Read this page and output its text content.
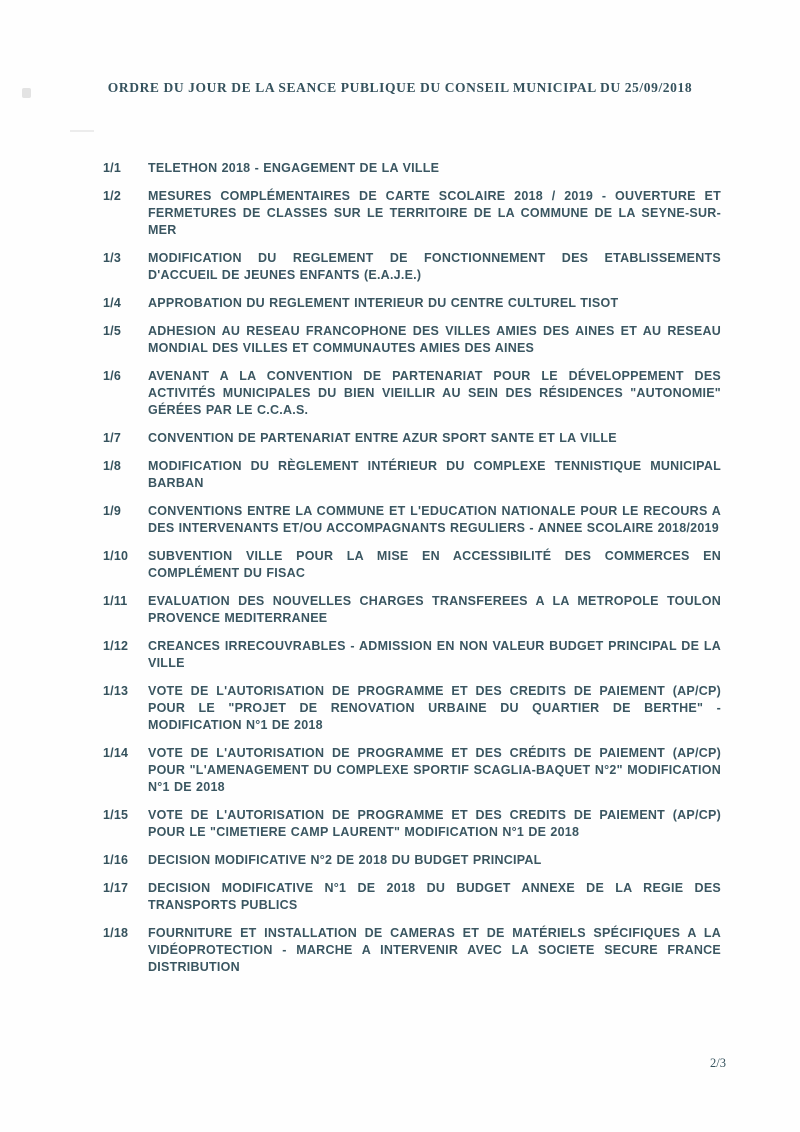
ORDRE DU JOUR DE LA SEANCE PUBLIQUE DU CONSEIL MUNICIPAL DU 25/09/2018
1/1	TELETHON 2018 - ENGAGEMENT DE LA VILLE
1/2	MESURES COMPLÉMENTAIRES DE CARTE SCOLAIRE 2018 / 2019 - OUVERTURE ET FERMETURES DE CLASSES SUR LE TERRITOIRE DE LA COMMUNE DE LA SEYNE-SUR-MER
1/3	MODIFICATION DU REGLEMENT DE FONCTIONNEMENT DES ETABLISSEMENTS D'ACCUEIL DE JEUNES ENFANTS (E.A.J.E.)
1/4	APPROBATION DU REGLEMENT INTERIEUR DU CENTRE CULTUREL TISOT
1/5	ADHESION AU RESEAU FRANCOPHONE DES VILLES AMIES DES AINES ET AU RESEAU MONDIAL DES VILLES ET COMMUNAUTES AMIES DES AINES
1/6	AVENANT A LA CONVENTION DE PARTENARIAT POUR LE DÉVELOPPEMENT DES ACTIVITÉS MUNICIPALES DU BIEN VIEILLIR AU SEIN DES RÉSIDENCES "AUTONOMIE" GÉRÉES PAR LE C.C.A.S.
1/7	CONVENTION DE PARTENARIAT ENTRE AZUR SPORT SANTE ET LA VILLE
1/8	MODIFICATION DU RÈGLEMENT INTÉRIEUR DU COMPLEXE TENNISTIQUE MUNICIPAL BARBAN
1/9	CONVENTIONS ENTRE LA COMMUNE ET L'EDUCATION NATIONALE POUR LE RECOURS A DES INTERVENANTS ET/OU ACCOMPAGNANTS REGULIERS - ANNEE SCOLAIRE 2018/2019
1/10	SUBVENTION VILLE POUR LA MISE EN ACCESSIBILITÉ DES COMMERCES EN COMPLÉMENT DU FISAC
1/11	EVALUATION DES NOUVELLES CHARGES TRANSFEREES A LA METROPOLE TOULON PROVENCE MEDITERRANEE
1/12	CREANCES IRRECOUVRABLES - ADMISSION EN NON VALEUR BUDGET PRINCIPAL DE LA VILLE
1/13	VOTE DE L'AUTORISATION DE PROGRAMME ET DES CREDITS DE PAIEMENT (AP/CP) POUR LE "PROJET DE RENOVATION URBAINE DU QUARTIER DE BERTHE" - MODIFICATION N°1 DE 2018
1/14	VOTE DE L'AUTORISATION DE PROGRAMME ET DES CRÉDITS DE PAIEMENT (AP/CP) POUR "L'AMENAGEMENT DU COMPLEXE SPORTIF SCAGLIA-BAQUET N°2" MODIFICATION N°1 DE 2018
1/15	VOTE DE L'AUTORISATION DE PROGRAMME ET DES CREDITS DE PAIEMENT (AP/CP) POUR LE "CIMETIERE CAMP LAURENT" MODIFICATION N°1 DE 2018
1/16	DECISION MODIFICATIVE N°2 DE 2018 DU BUDGET PRINCIPAL
1/17	DECISION MODIFICATIVE N°1 DE 2018 DU BUDGET ANNEXE DE LA REGIE DES TRANSPORTS PUBLICS
1/18	FOURNITURE ET INSTALLATION DE CAMERAS ET DE MATÉRIELS SPÉCIFIQUES A LA VIDÉOPROTECTION - MARCHE A INTERVENIR AVEC LA SOCIETE SECURE FRANCE DISTRIBUTION
2/3
